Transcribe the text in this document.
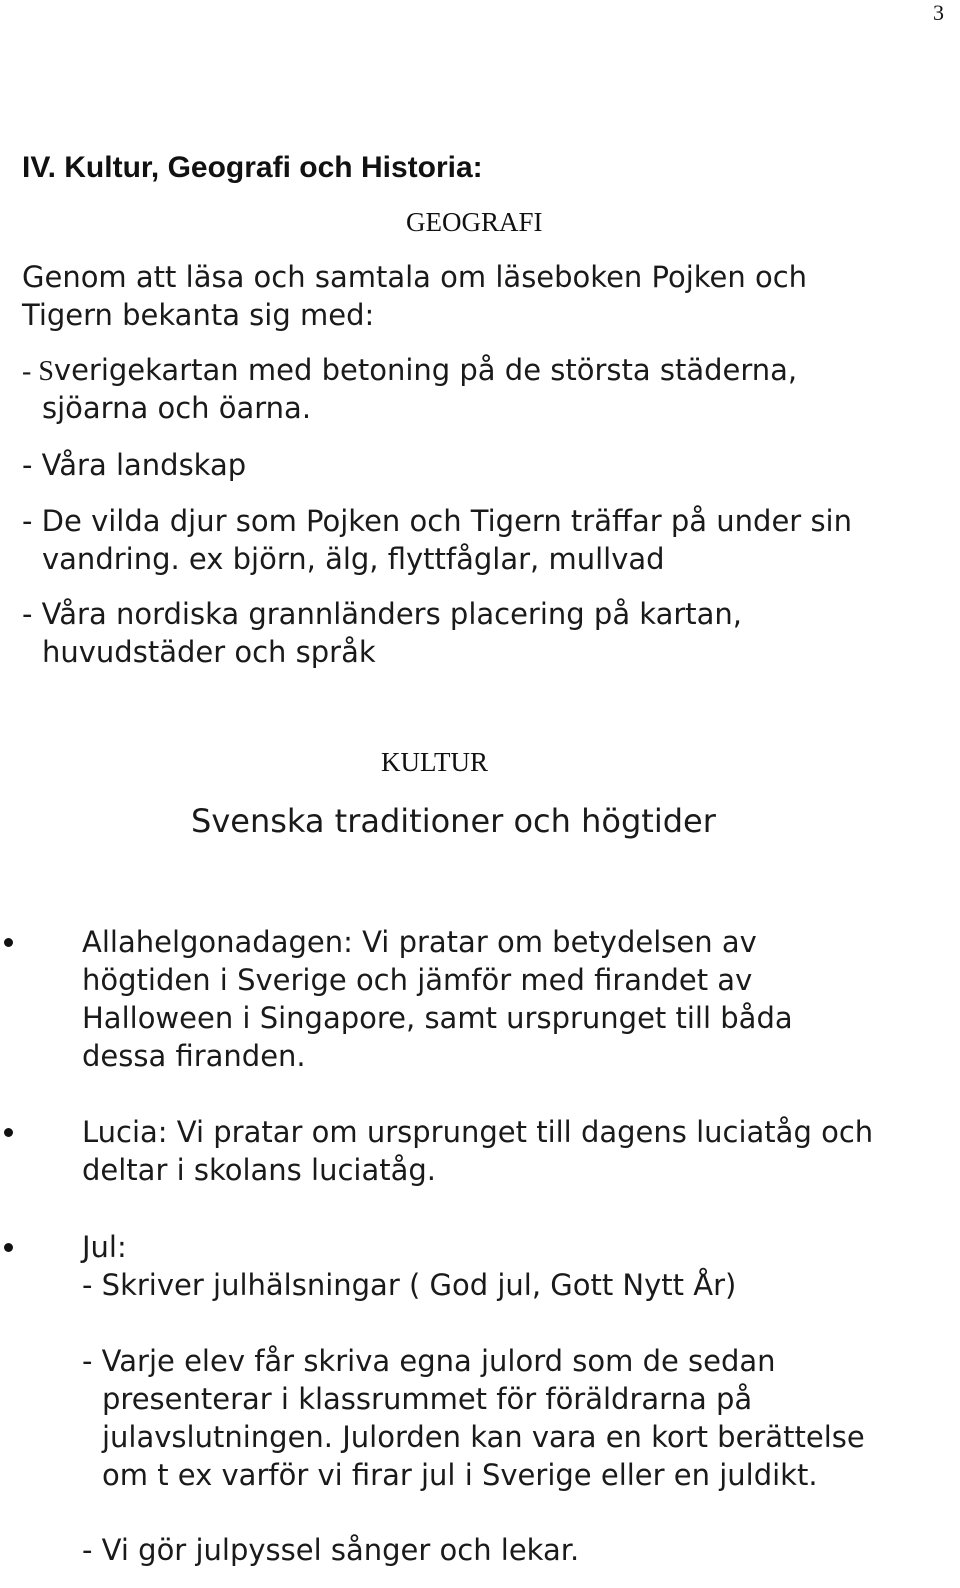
3
IV. Kultur, Geografi och Historia:
GEOGRAFI
Genom att läsa och samtala om läseboken Pojken och
Tigern bekanta sig med:
- Sverigekartan med betoning på de största städerna,
sjöarna och öarna.
- Våra landskap
- De vilda djur som Pojken och Tigern träffar på under sin
vandring. ex björn, älg, flyttfåglar, mullvad
- Våra nordiska grannländers placering på kartan,
huvudstäder och språk
KULTUR
Svenska traditioner och högtider
Allahelgonadagen: Vi pratar om betydelsen av
högtiden i Sverige och jämför med firandet av
Halloween i Singapore, samt ursprunget till båda
dessa firanden.
Lucia: Vi pratar om ursprunget till dagens luciatåg och
deltar i skolans luciatåg.
Jul:
- Skriver julhälsningar ( God jul, Gott Nytt År)
- Varje elev får skriva egna julord som de sedan
presenterar i klassrummet för föräldrarna på
julavslutningen. Julorden kan vara en kort berättelse
om t ex varför vi firar jul i Sverige eller en juldikt.
- Vi gör julpyssel sånger och lekar.
